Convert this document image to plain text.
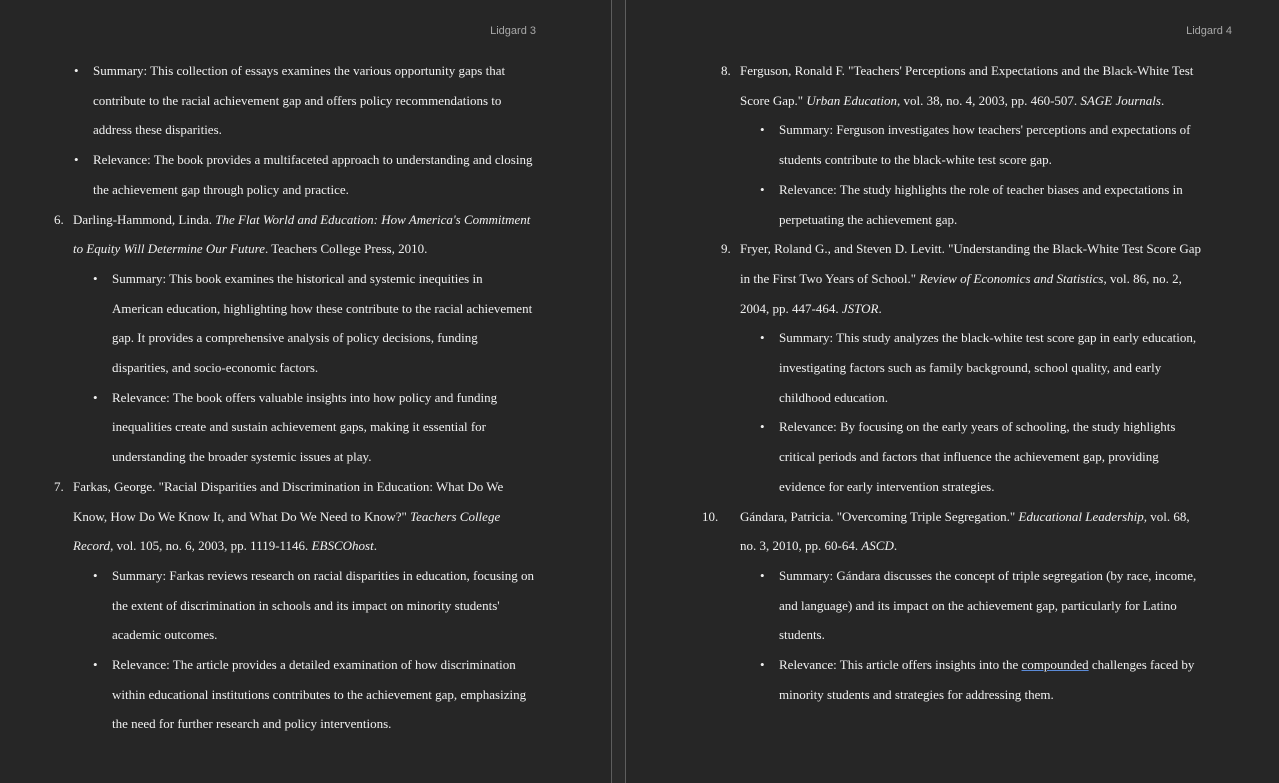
Lidgard 3
• Summary: This collection of essays examines the various opportunity gaps that contribute to the racial achievement gap and offers policy recommendations to address these disparities.
• Relevance: The book provides a multifaceted approach to understanding and closing the achievement gap through policy and practice.
6. Darling-Hammond, Linda. The Flat World and Education: How America's Commitment to Equity Will Determine Our Future. Teachers College Press, 2010.
• Summary: This book examines the historical and systemic inequities in American education, highlighting how these contribute to the racial achievement gap. It provides a comprehensive analysis of policy decisions, funding disparities, and socio-economic factors.
• Relevance: The book offers valuable insights into how policy and funding inequalities create and sustain achievement gaps, making it essential for understanding the broader systemic issues at play.
7. Farkas, George. "Racial Disparities and Discrimination in Education: What Do We Know, How Do We Know It, and What Do We Need to Know?" Teachers College Record, vol. 105, no. 6, 2003, pp. 1119-1146. EBSCOhost.
• Summary: Farkas reviews research on racial disparities in education, focusing on the extent of discrimination in schools and its impact on minority students' academic outcomes.
• Relevance: The article provides a detailed examination of how discrimination within educational institutions contributes to the achievement gap, emphasizing the need for further research and policy interventions.
Lidgard 4
8. Ferguson, Ronald F. "Teachers' Perceptions and Expectations and the Black-White Test Score Gap." Urban Education, vol. 38, no. 4, 2003, pp. 460-507. SAGE Journals.
• Summary: Ferguson investigates how teachers' perceptions and expectations of students contribute to the black-white test score gap.
• Relevance: The study highlights the role of teacher biases and expectations in perpetuating the achievement gap.
9. Fryer, Roland G., and Steven D. Levitt. "Understanding the Black-White Test Score Gap in the First Two Years of School." Review of Economics and Statistics, vol. 86, no. 2, 2004, pp. 447-464. JSTOR.
• Summary: This study analyzes the black-white test score gap in early education, investigating factors such as family background, school quality, and early childhood education.
• Relevance: By focusing on the early years of schooling, the study highlights critical periods and factors that influence the achievement gap, providing evidence for early intervention strategies.
10. Gándara, Patricia. "Overcoming Triple Segregation." Educational Leadership, vol. 68, no. 3, 2010, pp. 60-64. ASCD.
• Summary: Gándara discusses the concept of triple segregation (by race, income, and language) and its impact on the achievement gap, particularly for Latino students.
• Relevance: This article offers insights into the compounded challenges faced by minority students and strategies for addressing them.
